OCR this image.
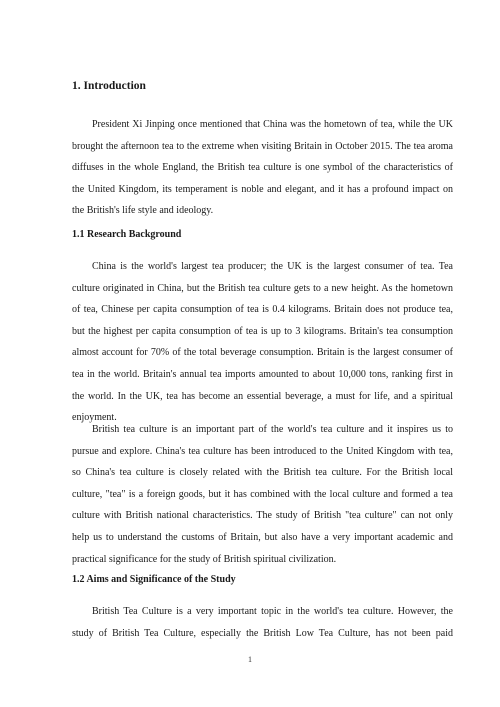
1. Introduction

President Xi Jinping once mentioned that China was the hometown of tea, while the UK
brought the afternoon tea to the extreme when visiting Britain in October 2015. The tea aroma
diffuses in the whole England, the British tea culture is one symbol of the characteristics of
the United Kingdom, its temperament is noble and elegant, and it has a profound impact on
the British's life style and ideology.

1.1 Research Background

China is the world's largest tea producer; the UK is the largest consumer of tea. Tea
culture originated in China, but the British tea culture gets to a new height. As the hometown
of tea, Chinese per capita consumption of tea is 0.4 kilograms. Britain does not produce tea,
but the highest per capita consumption of tea is up to 3 kilograms. Britain's tea consumption
almost account for 70% of the total beverage consumption. Britain is the largest consumer of
tea in the world. Britain's annual tea imports amounted to about 10,000 tons, ranking first in
the world. In the UK, tea has become an essential beverage, a must for life, and a spiritual
enjoyment.

British tea culture is an important part of the world's tea culture and it inspires us to
pursue and explore. China's tea culture has been introduced to the United Kingdom with tea,
so China's tea culture is closely related with the British tea culture. For the British local
culture, "tea" is a foreign goods, but it has combined with the local culture and formed a tea
culture with British national characteristics. The study of British "tea culture" can not only
help us to understand the customs of Britain, but also have a very important academic and
practical significance for the study of British spiritual civilization.

1.2 Aims and Significance of the Study

British Tea Culture is a very important topic in the world's tea culture. However, the
study of British Tea Culture, especially the British Low Tea Culture, has not been paid

1
